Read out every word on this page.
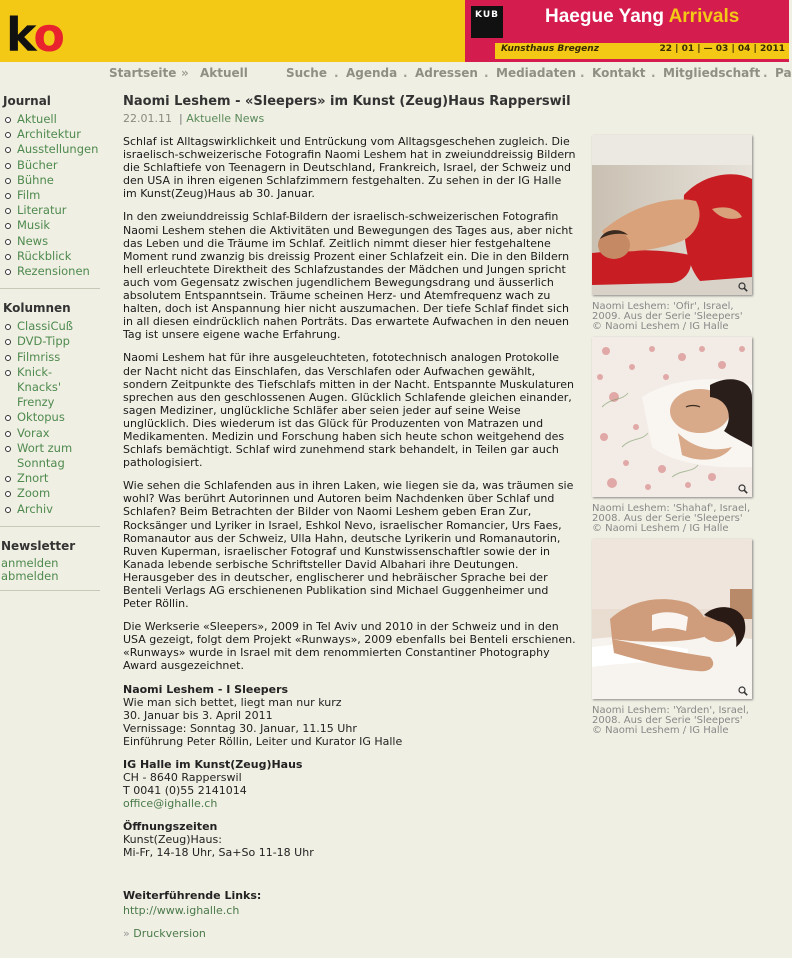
ko	KUB Haegue Yang Arrivals
Kunsthaus Bregenz	22 | 01 | — 03 | 04 | 2011
Startseite » Aktuell	Suche . Agenda . Adressen . Mediadaten . Kontakt . Mitgliedschaft . Pa
Journal
Aktuell
Architektur
Ausstellungen
Bücher
Bühne
Film
Literatur
Musik
News
Rückblick
Rezensionen
Kolumnen
ClassiCuß
DVD-Tipp
Filmriss
Knick-Knacks' Frenzy
Oktopus
Vorax
Wort zum Sonntag
Znort
Zoom
Archiv
Newsletter
anmelden
abmelden
Naomi Leshem - «Sleepers» im Kunst (Zeug)Haus Rapperswil
22.01.11  | Aktuelle News

Schlaf ist Alltagswirklichkeit und Entrückung vom Alltagsgeschehen zugleich. Die israelisch-schweizerische Fotografin Naomi Leshem hat in zweiunddreissig Bildern die Schlaftiefe von Teenagern in Deutschland, Frankreich, Israel, der Schweiz und den USA in ihren eigenen Schlafzimmern festgehalten. Zu sehen in der IG Halle im Kunst(Zeug)Haus ab 30. Januar.

In den zweiunddreissig Schlaf-Bildern der israelisch-schweizerischen Fotografin Naomi Leshem stehen die Aktivitäten und Bewegungen des Tages aus, aber nicht das Leben und die Träume im Schlaf. Zeitlich nimmt dieser hier festgehaltene Moment rund zwanzig bis dreissig Prozent einer Schlafzeit ein. Die in den Bildern hell erleuchtete Direktheit des Schlafzustandes der Mädchen und Jungen spricht auch vom Gegensatz zwischen jugendlichem Bewegungsdrang und äusserlich absolutem Entspanntsein. Träume scheinen Herz- und Atemfrequenz wach zu halten, doch ist Anspannung hier nicht auszumachen. Der tiefe Schlaf findet sich in all diesen eindrücklich nahen Porträts. Das erwartete Aufwachen in den neuen Tag ist unsere eigene wache Erfahrung.

Naomi Leshem hat für ihre ausgeleuchteten, fototechnisch analogen Protokolle der Nacht nicht das Einschlafen, das Verschlafen oder Aufwachen gewählt, sondern Zeitpunkte des Tiefschlafs mitten in der Nacht. Entspannte Muskulaturen sprechen aus den geschlossenen Augen. Glücklich Schlafende gleichen einander, sagen Mediziner, unglückliche Schläfer aber seien jeder auf seine Weise unglücklich. Dies wiederum ist das Glück für Produzenten von Matrazen und Medikamenten. Medizin und Forschung haben sich heute schon weitgehend des Schlafs bemächtigt. Schlaf wird zunehmend stark behandelt, in Teilen gar auch pathologisiert.

Wie sehen die Schlafenden aus in ihren Laken, wie liegen sie da, was träumen sie wohl? Was berührt Autorinnen und Autoren beim Nachdenken über Schlaf und Schlafen? Beim Betrachten der Bilder von Naomi Leshem geben Eran Zur, Rocksänger und Lyriker in Israel, Eshkol Nevo, israelischer Romancier, Urs Faes, Romanautor aus der Schweiz, Ulla Hahn, deutsche Lyrikerin und Romanautorin, Ruven Kuperman, israelischer Fotograf und Kunstwissenschaftler sowie der in Kanada lebende serbische Schriftsteller David Albahari ihre Deutungen. Herausgeber des in deutscher, englischerer und hebräischer Sprache bei der Benteli Verlags AG erschienenen Publikation sind Michael Guggenheimer und Peter Röllin.

Die Werkserie «Sleepers», 2009 in Tel Aviv und 2010 in der Schweiz und in den USA gezeigt, folgt dem Projekt «Runways», 2009 ebenfalls bei Benteli erschienen. «Runways» wurde in Israel mit dem renommierten Constantiner Photography Award ausgezeichnet.

Naomi Leshem - I Sleepers
Wie man sich bettet, liegt man nur kurz
30. Januar bis 3. April 2011
Vernissage: Sonntag 30. Januar, 11.15 Uhr
Einführung Peter Röllin, Leiter und Kurator IG Halle
IG Halle im Kunst(Zeug)Haus
CH - 8640 Rapperswil
T 0041 (0)55 2141014
office@ighalle.ch
Öffnungszeiten
Kunst(Zeug)Haus:
Mi-Fr, 14-18 Uhr, Sa+So 11-18 Uhr
Weiterführende Links:
http://www.ighalle.ch
» Druckversion
Naomi Leshem: 'Ofir', Israel, 2009. Aus der Serie 'Sleepers' © Naomi Leshem / IG Halle
Naomi Leshem: 'Shahaf', Israel, 2008. Aus der Serie 'Sleepers' © Naomi Leshem / IG Halle
Naomi Leshem: 'Yarden', Israel, 2008. Aus der Serie 'Sleepers' © Naomi Leshem / IG Halle
